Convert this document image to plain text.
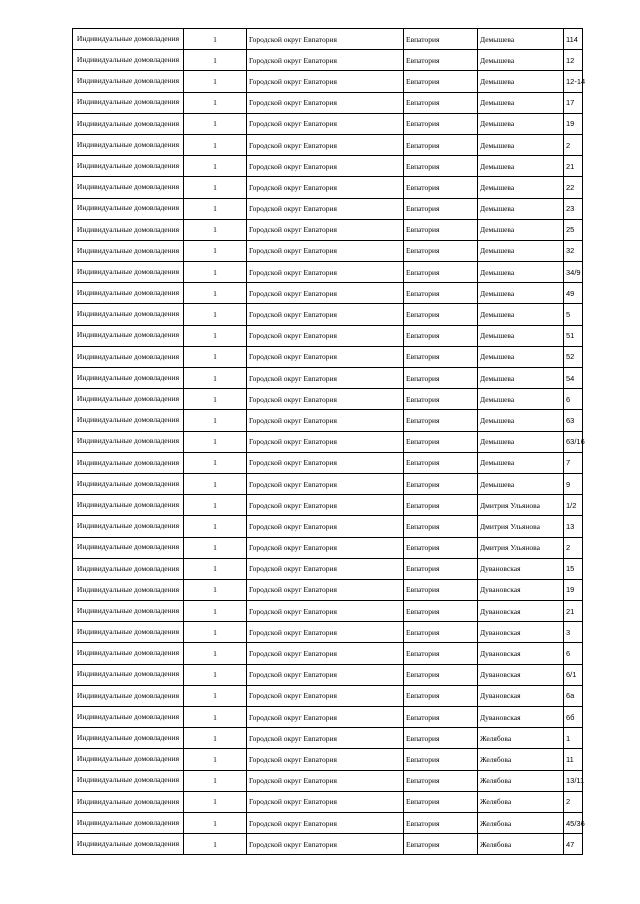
Индивидуальные домовладения	1	Городской округ Евпатория	Евпатория	Демышева	114
Индивидуальные домовладения	1	Городской округ Евпатория	Евпатория	Демышева	12
Индивидуальные домовладения	1	Городской округ Евпатория	Евпатория	Демышева	12-14
Индивидуальные домовладения	1	Городской округ Евпатория	Евпатория	Демышева	17
Индивидуальные домовладения	1	Городской округ Евпатория	Евпатория	Демышева	19
Индивидуальные домовладения	1	Городской округ Евпатория	Евпатория	Демышева	2
Индивидуальные домовладения	1	Городской округ Евпатория	Евпатория	Демышева	21
Индивидуальные домовладения	1	Городской округ Евпатория	Евпатория	Демышева	22
Индивидуальные домовладения	1	Городской округ Евпатория	Евпатория	Демышева	23
Индивидуальные домовладения	1	Городской округ Евпатория	Евпатория	Демышева	25
Индивидуальные домовладения	1	Городской округ Евпатория	Евпатория	Демышева	32
Индивидуальные домовладения	1	Городской округ Евпатория	Евпатория	Демышева	34/9
Индивидуальные домовладения	1	Городской округ Евпатория	Евпатория	Демышева	49
Индивидуальные домовладения	1	Городской округ Евпатория	Евпатория	Демышева	5
Индивидуальные домовладения	1	Городской округ Евпатория	Евпатория	Демышева	51
Индивидуальные домовладения	1	Городской округ Евпатория	Евпатория	Демышева	52
Индивидуальные домовладения	1	Городской округ Евпатория	Евпатория	Демышева	54
Индивидуальные домовладения	1	Городской округ Евпатория	Евпатория	Демышева	6
Индивидуальные домовладения	1	Городской округ Евпатория	Евпатория	Демышева	63
Индивидуальные домовладения	1	Городской округ Евпатория	Евпатория	Демышева	63/16
Индивидуальные домовладения	1	Городской округ Евпатория	Евпатория	Демышева	7
Индивидуальные домовладения	1	Городской округ Евпатория	Евпатория	Демышева	9
Индивидуальные домовладения	1	Городской округ Евпатория	Евпатория	Дмитрия Ульянова	1/2
Индивидуальные домовладения	1	Городской округ Евпатория	Евпатория	Дмитрия Ульянова	13
Индивидуальные домовладения	1	Городской округ Евпатория	Евпатория	Дмитрия Ульянова	2
Индивидуальные домовладения	1	Городской округ Евпатория	Евпатория	Дувановская	15
Индивидуальные домовладения	1	Городской округ Евпатория	Евпатория	Дувановская	19
Индивидуальные домовладения	1	Городской округ Евпатория	Евпатория	Дувановская	21
Индивидуальные домовладения	1	Городской округ Евпатория	Евпатория	Дувановская	3
Индивидуальные домовладения	1	Городской округ Евпатория	Евпатория	Дувановская	6
Индивидуальные домовладения	1	Городской округ Евпатория	Евпатория	Дувановская	6/1
Индивидуальные домовладения	1	Городской округ Евпатория	Евпатория	Дувановская	6а
Индивидуальные домовладения	1	Городской округ Евпатория	Евпатория	Дувановская	6б
Индивидуальные домовладения	1	Городской округ Евпатория	Евпатория	Желябова	1
Индивидуальные домовладения	1	Городской округ Евпатория	Евпатория	Желябова	11
Индивидуальные домовладения	1	Городской округ Евпатория	Евпатория	Желябова	13/11
Индивидуальные домовладения	1	Городской округ Евпатория	Евпатория	Желябова	2
Индивидуальные домовладения	1	Городской округ Евпатория	Евпатория	Желябова	45/36
Индивидуальные домовладения	1	Городской округ Евпатория	Евпатория	Желябова	47
